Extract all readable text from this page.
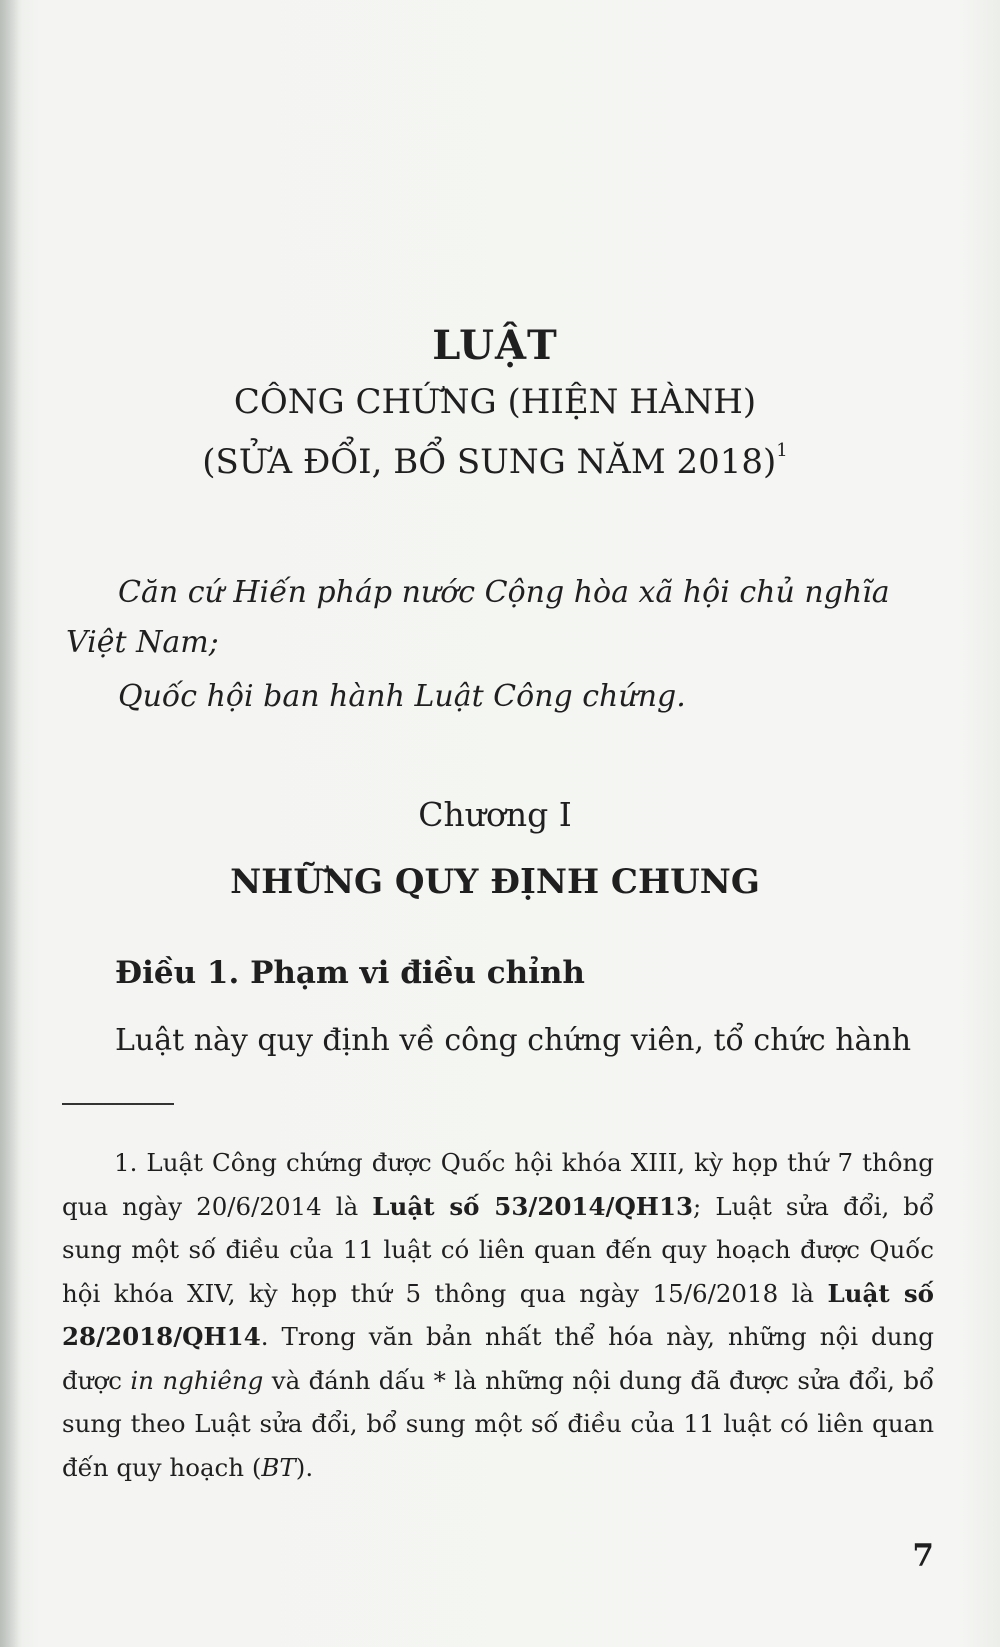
LUẬT
CÔNG CHỨNG (HIỆN HÀNH)
(SỬA ĐỔI, BỔ SUNG NĂM 2018)$^1$

Căn cứ Hiến pháp nước Cộng hòa xã hội chủ nghĩa Việt Nam;

Quốc hội ban hành Luật Công chứng.

Chương I
NHỮNG QUY ĐỊNH CHUNG
Điều 1. Phạm vi điều chỉnh
Luật này quy định về công chứng viên, tổ chức hành

1. Luật Công chứng được Quốc hội khóa XIII, kỳ họp thứ 7 thông qua ngày 20/6/2014 là Luật số 53/2014/QH13; Luật sửa đổi, bổ sung một số điều của 11 luật có liên quan đến quy hoạch được Quốc hội khóa XIV, kỳ họp thứ 5 thông qua ngày 15/6/2018 là Luật số 28/2018/QH14. Trong văn bản nhất thể hóa này, những nội dung được in nghiêng và đánh dấu * là những nội dung đã được sửa đổi, bổ sung theo Luật sửa đổi, bổ sung một số điều của 11 luật có liên quan đến quy hoạch (BT).

7
